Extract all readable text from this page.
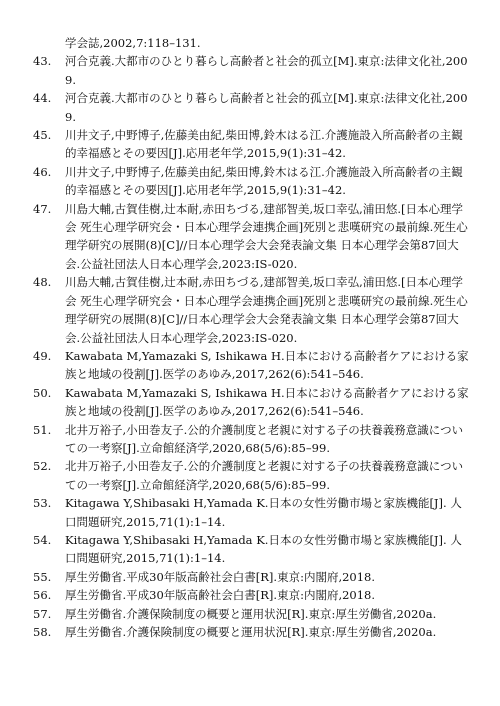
学会誌,2002,7:118–131.
43.	河合克義.大都市のひとり暮らし高齢者と社会的孤立[M].東京:法律文化社,2009.
44.	河合克義.大都市のひとり暮らし高齢者と社会的孤立[M].東京:法律文化社,2009.
45.	川井文子,中野博子,佐藤美由紀,柴田博,鈴木はる江.介護施設入所高齢者の主観的幸福感とその要因[J].応用老年学,2015,9(1):31–42.
46.	川井文子,中野博子,佐藤美由紀,柴田博,鈴木はる江.介護施設入所高齢者の主観的幸福感とその要因[J].応用老年学,2015,9(1):31–42.
47.	川島大輔,古賀佳樹,辻本耐,赤田ちづる,建部智美,坂口幸弘,浦田悠.[日本心理学会 死生心理学研究会・日本心理学会連携企画]死別と悲嘆研究の最前線.死生心理学研究の展開(8)[C]//日本心理学会大会発表論文集 日本心理学会第87回大会.公益社団法人日本心理学会,2023:IS-020.
48.	川島大輔,古賀佳樹,辻本耐,赤田ちづる,建部智美,坂口幸弘,浦田悠.[日本心理学会 死生心理学研究会・日本心理学会連携企画]死別と悲嘆研究の最前線.死生心理学研究の展開(8)[C]//日本心理学会大会発表論文集 日本心理学会第87回大会.公益社団法人日本心理学会,2023:IS-020.
49.	Kawabata M,Yamazaki S, Ishikawa H.日本における高齢者ケアにおける家族と地域の役割[J].医学のあゆみ,2017,262(6):541–546.
50.	Kawabata M,Yamazaki S, Ishikawa H.日本における高齢者ケアにおける家族と地域の役割[J].医学のあゆみ,2017,262(6):541–546.
51.	北井万裕子,小田巻友子.公的介護制度と老親に対する子の扶養義務意識についての一考察[J].立命館経済学,2020,68(5/6):85–99.
52.	北井万裕子,小田巻友子.公的介護制度と老親に対する子の扶養義務意識についての一考察[J].立命館経済学,2020,68(5/6):85–99.
53.	Kitagawa Y,Shibasaki H,Yamada K.日本の女性労働市場と家族機能[J]. 人口問題研究,2015,71(1):1–14.
54.	Kitagawa Y,Shibasaki H,Yamada K.日本の女性労働市場と家族機能[J]. 人口問題研究,2015,71(1):1–14.
55.	厚生労働省.平成30年版高齢社会白書[R].東京:内閣府,2018.
56.	厚生労働省.平成30年版高齢社会白書[R].東京:内閣府,2018.
57.	厚生労働省.介護保険制度の概要と運用状況[R].東京:厚生労働省,2020a.
58.	厚生労働省.介護保険制度の概要と運用状況[R].東京:厚生労働省,2020a.
